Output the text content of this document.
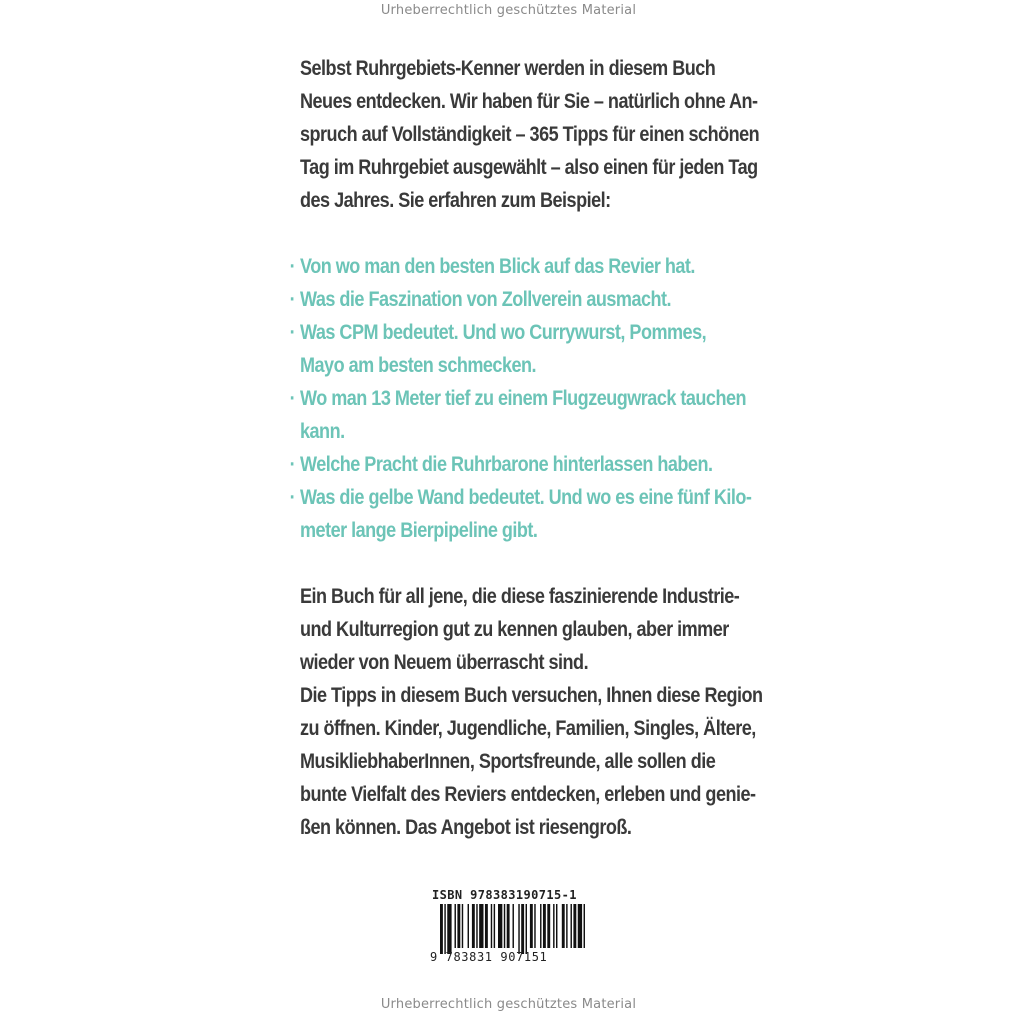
Urheberrechtlich geschütztes Material
Selbst Ruhrgebiets-Kenner werden in diesem Buch
Neues entdecken. Wir haben für Sie – natürlich ohne An-
spruch auf Vollständigkeit – 365 Tipps für einen schönen
Tag im Ruhrgebiet ausgewählt – also einen für jeden Tag
des Jahres. Sie erfahren zum Beispiel:
· Von wo man den besten Blick auf das Revier hat.
· Was die Faszination von Zollverein ausmacht.
· Was CPM bedeutet. Und wo Currywurst, Pommes,
Mayo am besten schmecken.
· Wo man 13 Meter tief zu einem Flugzeugwrack tauchen
kann.
· Welche Pracht die Ruhrbarone hinterlassen haben.
· Was die gelbe Wand bedeutet. Und wo es eine fünf Kilo-
meter lange Bierpipeline gibt.
Ein Buch für all jene, die diese faszinierende Industrie-
und Kulturregion gut zu kennen glauben, aber immer
wieder von Neuem überrascht sind.
Die Tipps in diesem Buch versuchen, Ihnen diese Region
zu öffnen. Kinder, Jugendliche, Familien, Singles, Ältere,
MusikliebhaberInnen, Sportsfreunde, alle sollen die
bunte Vielfalt des Reviers entdecken, erleben und genie-
ßen können. Das Angebot ist riesengroß.
ISBN 978383190715-1
9 783831 907151
Urheberrechtlich geschütztes Material
